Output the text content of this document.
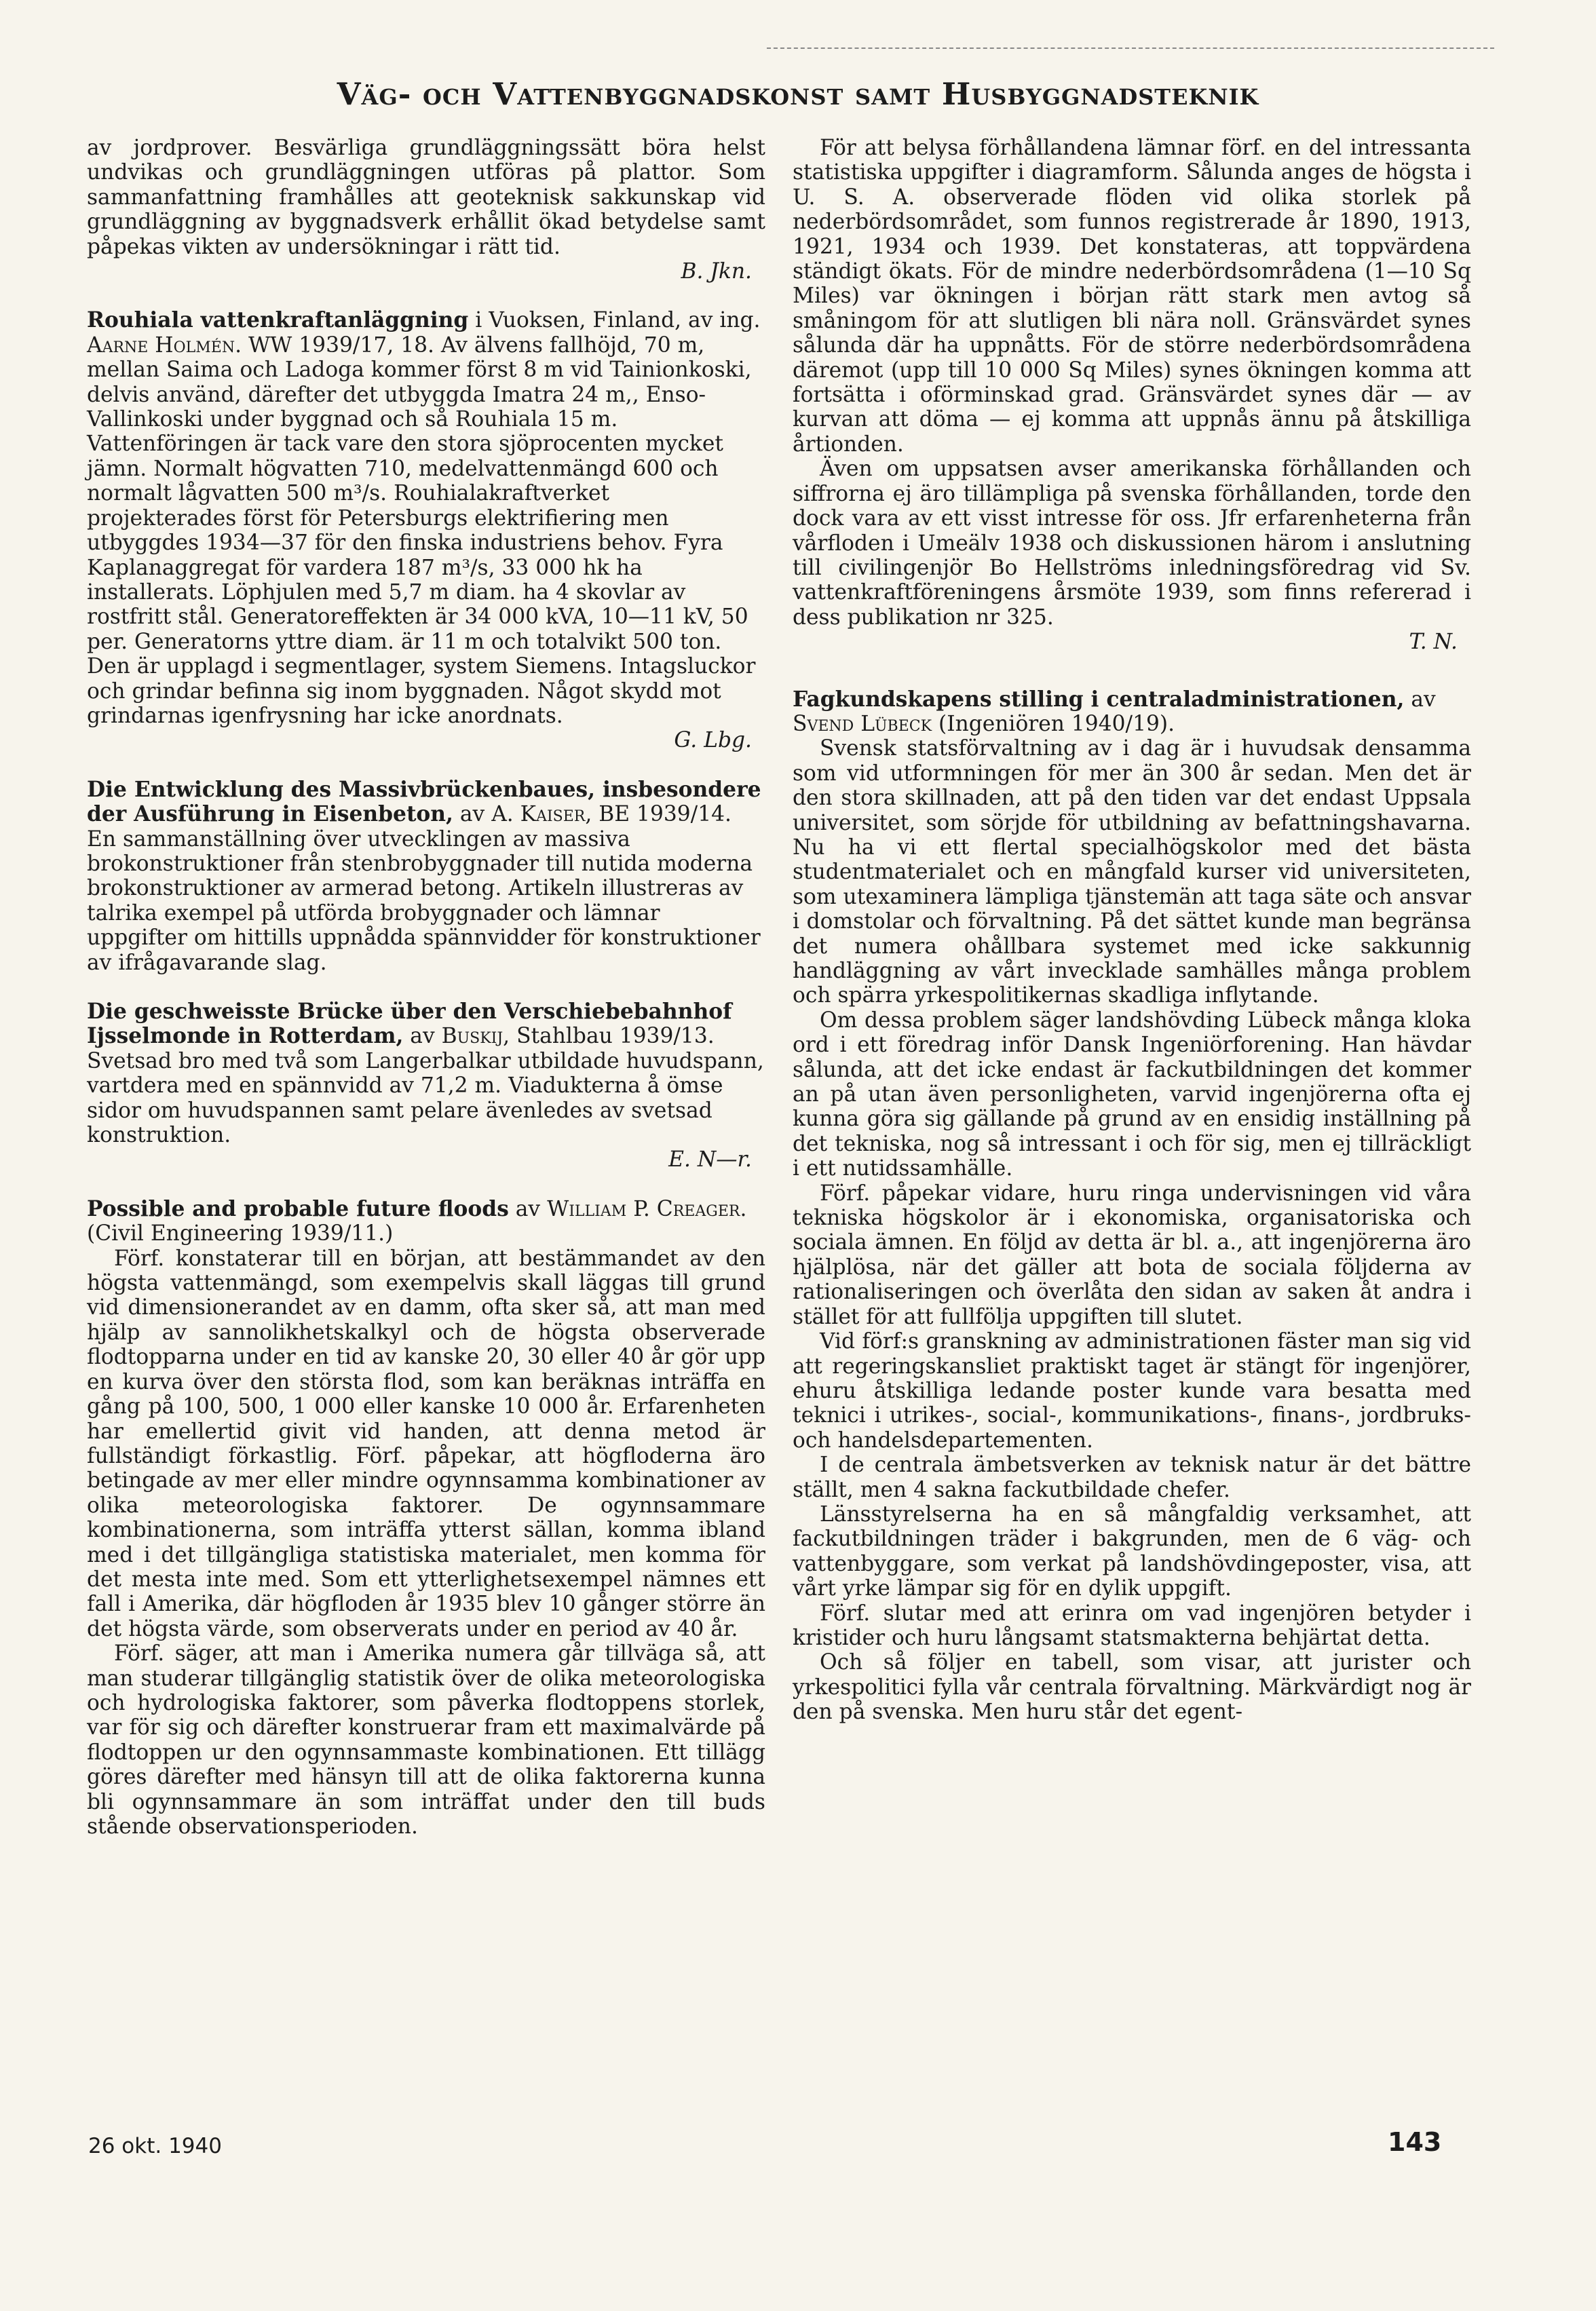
Väg- och Vattenbyggnadskonst samt Husbyggnadsteknik

av jordprover. Besvärliga grundläggningssätt böra helst undvikas och grundläggningen utföras på plattor. Som sammanfattning framhålles att geoteknisk sakkunskap vid grundläggning av byggnadsverk erhållit ökad betydelse samt påpekas vikten av undersökningar i rätt tid.

B. Jkn.

Rouhiala vattenkraftanläggning i Vuoksen, Finland, av ing. Aarne Holmén. WW 1939/17, 18. Av älvens fallhöjd, 70 m, mellan Saima och Ladoga kommer först 8 m vid Tainionkoski, delvis använd, därefter det utbyggda Imatra 24 m,, Enso-Vallinkoski under byggnad och så Rouhiala 15 m. Vattenföringen är tack vare den stora sjöprocenten mycket jämn. Normalt högvatten 710, medelvattenmängd 600 och normalt lågvatten 500 m³/s. Rouhialakraftverket projekterades först för Petersburgs elektrifiering men utbyggdes 1934—37 för den finska industriens behov. Fyra Kaplanaggregat för vardera 187 m³/s, 33 000 hk ha installerats. Löphjulen med 5,7 m diam. ha 4 skovlar av rostfritt stål. Generatoreffekten är 34 000 kVA, 10—11 kV, 50 per. Generatorns yttre diam. är 11 m och totalvikt 500 ton. Den är upplagd i segmentlager, system Siemens. Intagsluckor och grindar befinna sig inom byggnaden. Något skydd mot grindarnas igenfrysning har icke anordnats.

G. Lbg.

Die Entwicklung des Massivbrückenbaues, insbesondere der Ausführung in Eisenbeton, av A. Kaiser, BE 1939/14. En sammanställning över utvecklingen av massiva brokonstruktioner från stenbrobyggnader till nutida moderna brokonstruktioner av armerad betong. Artikeln illustreras av talrika exempel på utförda brobyggnader och lämnar uppgifter om hittills uppnådda spännvidder för konstruktioner av ifrågavarande slag.

Die geschweisste Brücke über den Verschiebebahnhof Ijsselmonde in Rotterdam, av Buskij, Stahlbau 1939/13. Svetsad bro med två som Langerbalkar utbildade huvudspann, vartdera med en spännvidd av 71,2 m. Viadukterna å ömse sidor om huvudspannen samt pelare ävenledes av svetsad konstruktion.

E. N—r.

Possible and probable future floods av William P. Creager. (Civil Engineering 1939/11.)

Förf. konstaterar till en början, att bestämmandet av den högsta vattenmängd, som exempelvis skall läggas till grund vid dimensionerandet av en damm, ofta sker så, att man med hjälp av sannolikhetskalkyl och de högsta observerade flodtopparna under en tid av kanske 20, 30 eller 40 år gör upp en kurva över den största flod, som kan beräknas inträffa en gång på 100, 500, 1 000 eller kanske 10 000 år. Erfarenheten har emellertid givit vid handen, att denna metod är fullständigt förkastlig. Förf. påpekar, att högfloderna äro betingade av mer eller mindre ogynnsamma kombinationer av olika meteorologiska faktorer. De ogynnsammare kombinationerna, som inträffa ytterst sällan, komma ibland med i det tillgängliga statistiska materialet, men komma för det mesta inte med. Som ett ytterlighetsexempel nämnes ett fall i Amerika, där högfloden år 1935 blev 10 gånger större än det högsta värde, som observerats under en period av 40 år.

Förf. säger, att man i Amerika numera går tillväga så, att man studerar tillgänglig statistik över de olika meteorologiska och hydrologiska faktorer, som påverka flodtoppens storlek, var för sig och därefter konstruerar fram ett maximalvärde på flodtoppen ur den ogynnsammaste kombinationen. Ett tillägg göres därefter med hänsyn till att de olika faktorerna kunna bli ogynnsammare än som inträffat under den till buds stående observationsperioden.

För att belysa förhållandena lämnar förf. en del intressanta statistiska uppgifter i diagramform. Sålunda anges de högsta i U. S. A. observerade flöden vid olika storlek på nederbördsområdet, som funnos registrerade år 1890, 1913, 1921, 1934 och 1939. Det konstateras, att toppvärdena ständigt ökats. För de mindre nederbördsområdena (1—10 Sq Miles) var ökningen i början rätt stark men avtog så småningom för att slutligen bli nära noll. Gränsvärdet synes sålunda där ha uppnåtts. För de större nederbördsområdena däremot (upp till 10 000 Sq Miles) synes ökningen komma att fortsätta i oförminskad grad. Gränsvärdet synes där — av kurvan att döma — ej komma att uppnås ännu på åtskilliga årtionden.

Även om uppsatsen avser amerikanska förhållanden och siffrorna ej äro tillämpliga på svenska förhållanden, torde den dock vara av ett visst intresse för oss. Jfr erfarenheterna från vårfloden i Umeälv 1938 och diskussionen härom i anslutning till civilingenjör Bo Hellströms inledningsföredrag vid Sv. vattenkraftföreningens årsmöte 1939, som finns refererad i dess publikation nr 325.

T. N.

Fagkundskapens stilling i centraladministrationen, av Svend Lübeck (Ingeniören 1940/19).

Svensk statsförvaltning av i dag är i huvudsak densamma som vid utformningen för mer än 300 år sedan. Men det är den stora skillnaden, att på den tiden var det endast Uppsala universitet, som sörjde för utbildning av befattningshavarna. Nu ha vi ett flertal specialhögskolor med det bästa studentmaterialet och en mångfald kurser vid universiteten, som utexaminera lämpliga tjänstemän att taga säte och ansvar i domstolar och förvaltning. På det sättet kunde man begränsa det numera ohållbara systemet med icke sakkunnig handläggning av vårt invecklade samhälles många problem och spärra yrkespolitikernas skadliga inflytande.

Om dessa problem säger landshövding Lübeck många kloka ord i ett föredrag inför Dansk Ingeniörforening. Han hävdar sålunda, att det icke endast är fackutbildningen det kommer an på utan även personligheten, varvid ingenjörerna ofta ej kunna göra sig gällande på grund av en ensidig inställning på det tekniska, nog så intressant i och för sig, men ej tillräckligt i ett nutidssamhälle.

Förf. påpekar vidare, huru ringa undervisningen vid våra tekniska högskolor är i ekonomiska, organisatoriska och sociala ämnen. En följd av detta är bl. a., att ingenjörerna äro hjälplösa, när det gäller att bota de sociala följderna av rationaliseringen och överlåta den sidan av saken åt andra i stället för att fullfölja uppgiften till slutet.

Vid förf:s granskning av administrationen fäster man sig vid att regeringskansliet praktiskt taget är stängt för ingenjörer, ehuru åtskilliga ledande poster kunde vara besatta med teknici i utrikes-, social-, kommunikations-, finans-, jordbruks- och handelsdepartementen.

I de centrala ämbetsverken av teknisk natur är det bättre ställt, men 4 sakna fackutbildade chefer.

Länsstyrelserna ha en så mångfaldig verksamhet, att fackutbildningen träder i bakgrunden, men de 6 väg- och vattenbyggare, som verkat på landshövdingeposter, visa, att vårt yrke lämpar sig för en dylik uppgift.

Förf. slutar med att erinra om vad ingenjören betyder i kristider och huru långsamt statsmakterna behjärtat detta.

Och så följer en tabell, som visar, att jurister och yrkespolitici fylla vår centrala förvaltning. Märkvärdigt nog är den på svenska. Men huru står det egent-

26 okt. 1940	143
